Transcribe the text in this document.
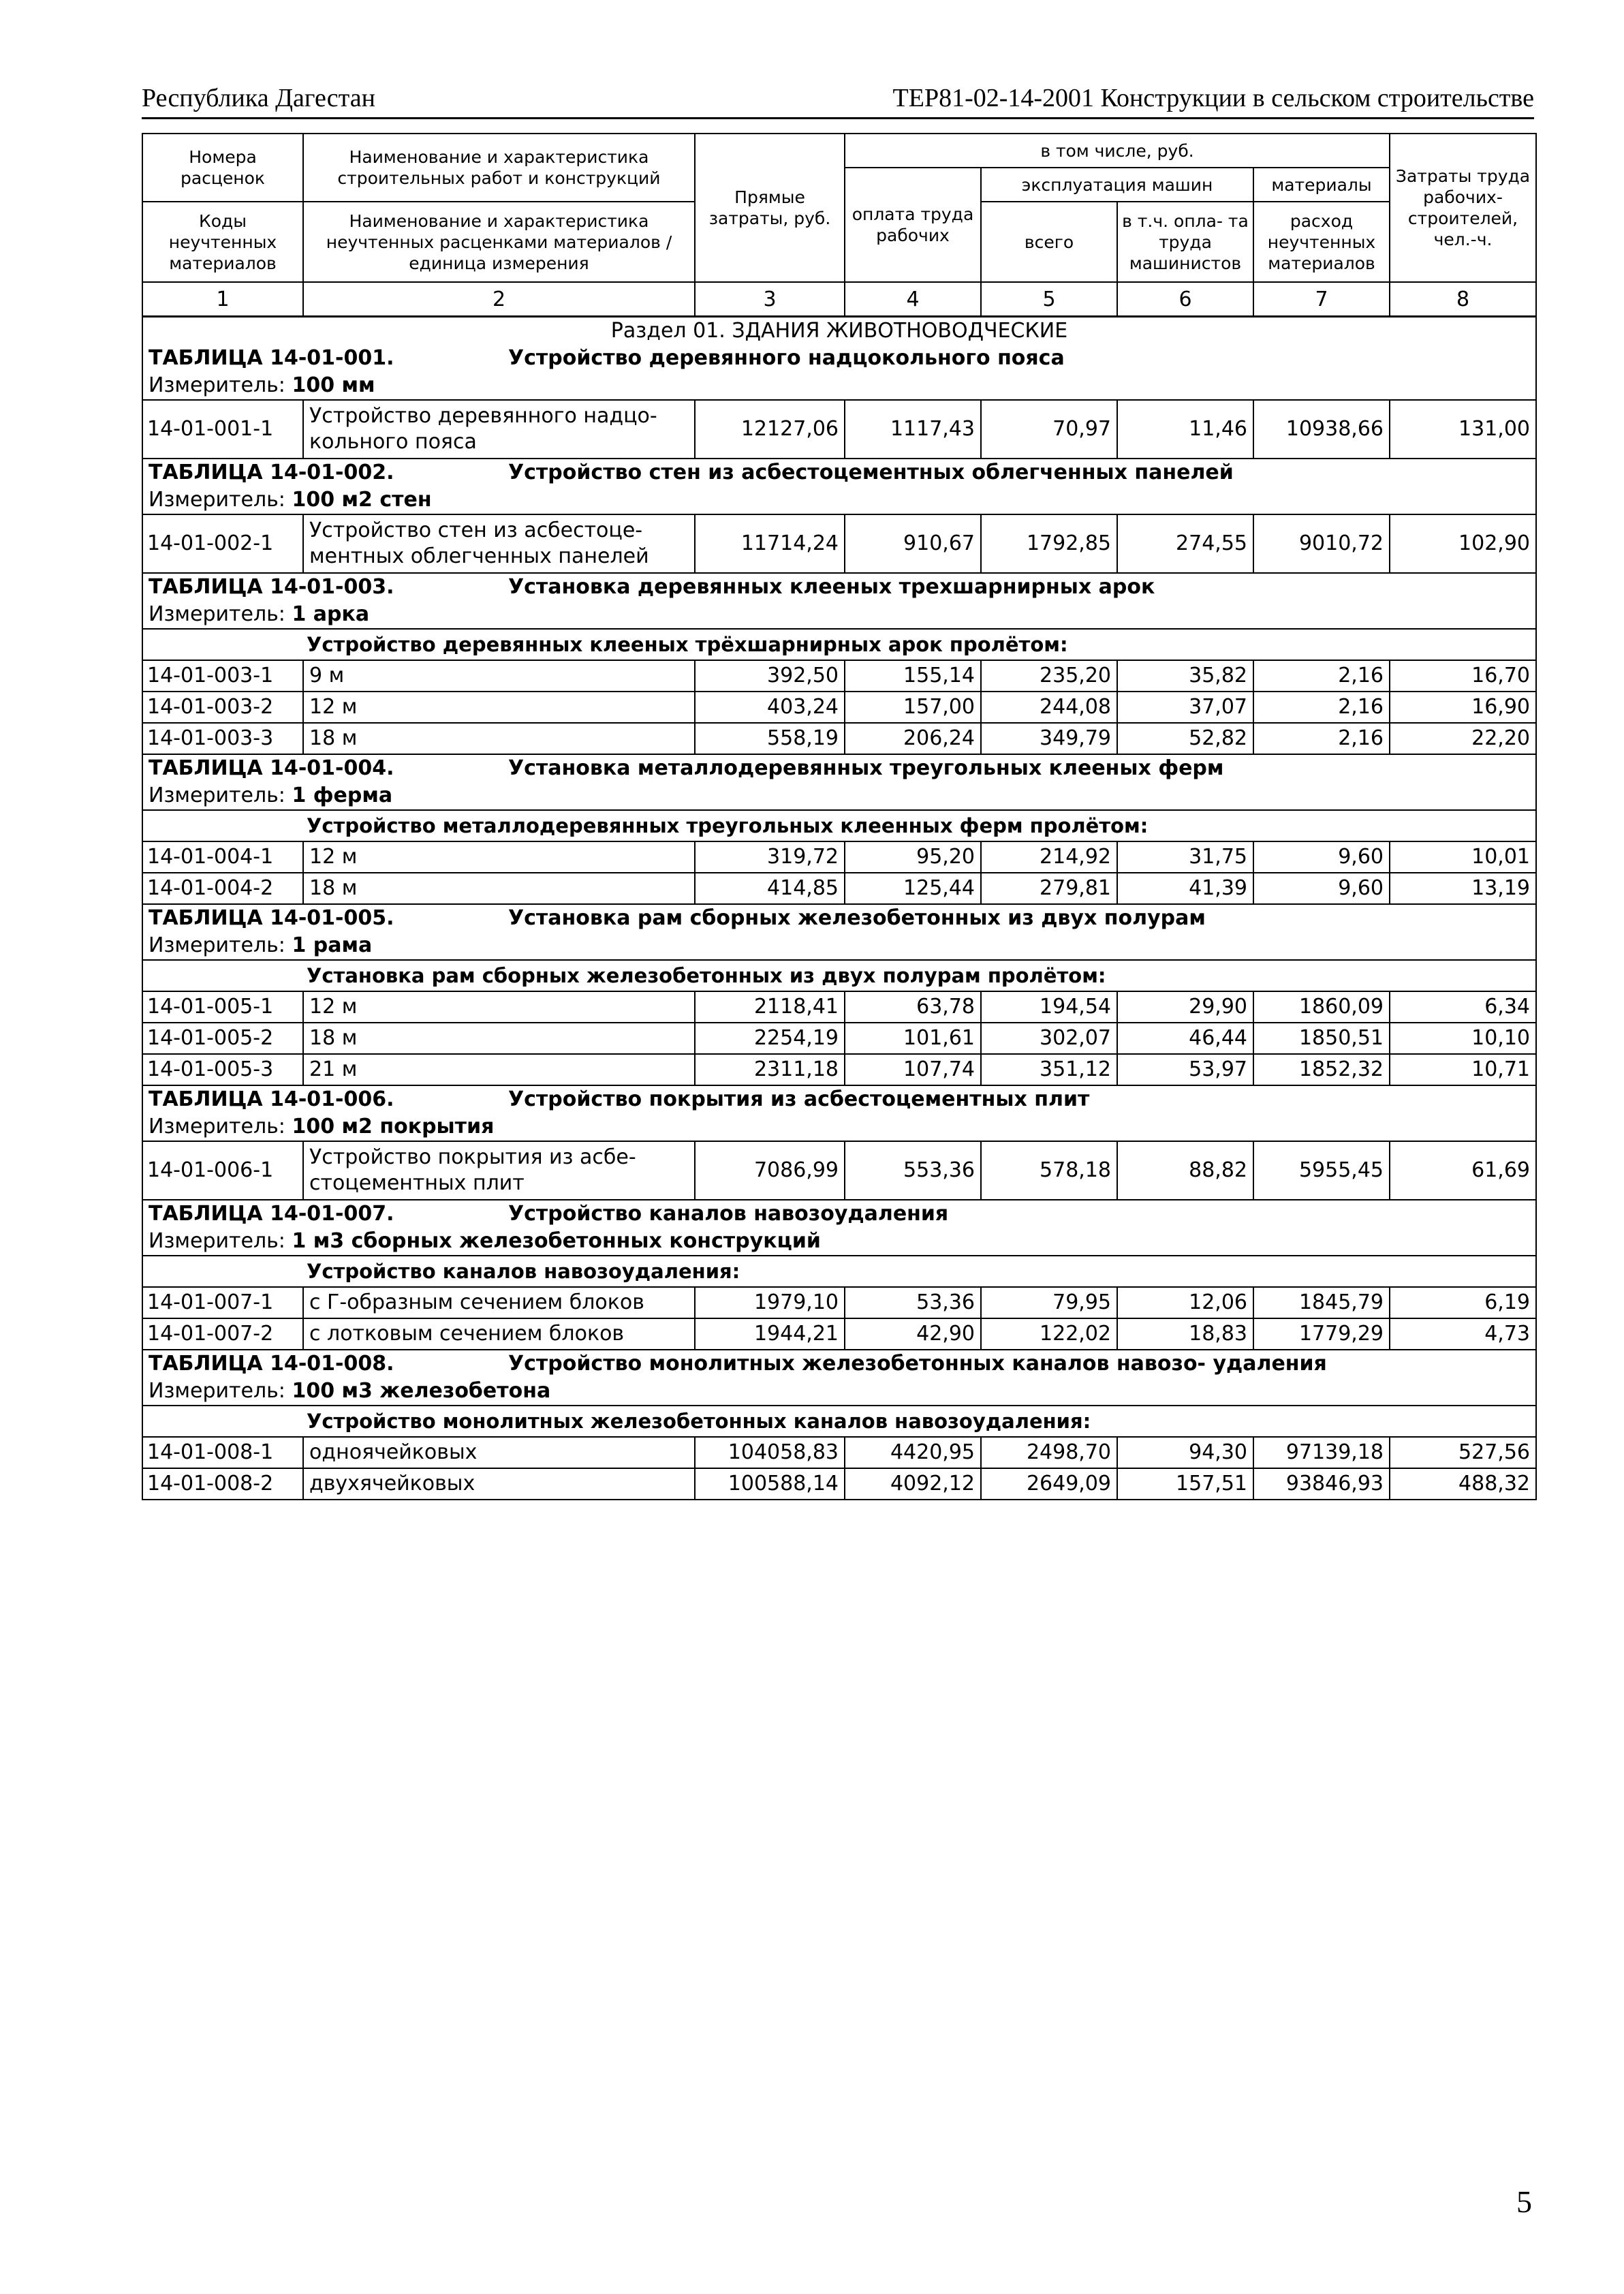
Республика Дагестан	ТЕР81-02-14-2001 Конструкции в сельском строительстве
Номера расценок	Наименование и характеристика строительных работ и конструкций	Прямые затраты, руб.	в том числе, руб.				Затраты труда рабочих- строителей, чел.-ч.
			оплата труда рабочих	эксплуатация машин		материалы	
Коды неучтенных материалов	Наименование и характеристика неучтенных расценками материалов / единица измерения			всего	в т.ч. опла- та труда машинистов	расход неучтенных материалов	
1	2	3	4	5	6	7	8
Раздел 01. ЗДАНИЯ ЖИВОТНОВОДЧЕСКИЕ							
ТАБЛИЦА 14-01-001. Устройство деревянного надцокольного пояса							
Измеритель: 100 мм							
14-01-001-1	Устройство деревянного надцо- кольного пояса	12127,06	1117,43	70,97	11,46	10938,66	131,00
ТАБЛИЦА 14-01-002. Устройство стен из асбестоцементных облегченных панелей							
Измеритель: 100 м2 стен							
14-01-002-1	Устройство стен из асбестоце- ментных облегченных панелей	11714,24	910,67	1792,85	274,55	9010,72	102,90
ТАБЛИЦА 14-01-003. Установка деревянных клееных трехшарнирных арок							
Измеритель: 1 арка							
Устройство деревянных клееных трёхшарнирных арок пролётом:							
14-01-003-1	9 м	392,50	155,14	235,20	35,82	2,16	16,70
14-01-003-2	12 м	403,24	157,00	244,08	37,07	2,16	16,90
14-01-003-3	18 м	558,19	206,24	349,79	52,82	2,16	22,20
ТАБЛИЦА 14-01-004. Установка металлодеревянных треугольных клееных ферм							
Измеритель: 1 ферма							
Устройство металлодеревянных треугольных клеенных ферм пролётом:							
14-01-004-1	12 м	319,72	95,20	214,92	31,75	9,60	10,01
14-01-004-2	18 м	414,85	125,44	279,81	41,39	9,60	13,19
ТАБЛИЦА 14-01-005. Установка рам сборных железобетонных из двух полурам							
Измеритель: 1 рама							
Установка рам сборных железобетонных из двух полурам пролётом:							
14-01-005-1	12 м	2118,41	63,78	194,54	29,90	1860,09	6,34
14-01-005-2	18 м	2254,19	101,61	302,07	46,44	1850,51	10,10
14-01-005-3	21 м	2311,18	107,74	351,12	53,97	1852,32	10,71
ТАБЛИЦА 14-01-006. Устройство покрытия из асбестоцементных плит							
Измеритель: 100 м2 покрытия							
14-01-006-1	Устройство покрытия из асбе- стоцементных плит	7086,99	553,36	578,18	88,82	5955,45	61,69
ТАБЛИЦА 14-01-007. Устройство каналов навозоудаления							
Измеритель: 1 м3 сборных железобетонных конструкций							
Устройство каналов навозоудаления:							
14-01-007-1	с Г-образным сечением блоков	1979,10	53,36	79,95	12,06	1845,79	6,19
14-01-007-2	с лотковым сечением блоков	1944,21	42,90	122,02	18,83	1779,29	4,73
ТАБЛИЦА 14-01-008. Устройство монолитных железобетонных каналов навозо- удаления							
Измеритель: 100 м3 железобетона							
Устройство монолитных железобетонных каналов навозоудаления:							
14-01-008-1	одноячейковых	104058,83	4420,95	2498,70	94,30	97139,18	527,56
14-01-008-2	двухячейковых	100588,14	4092,12	2649,09	157,51	93846,93	488,32
5
